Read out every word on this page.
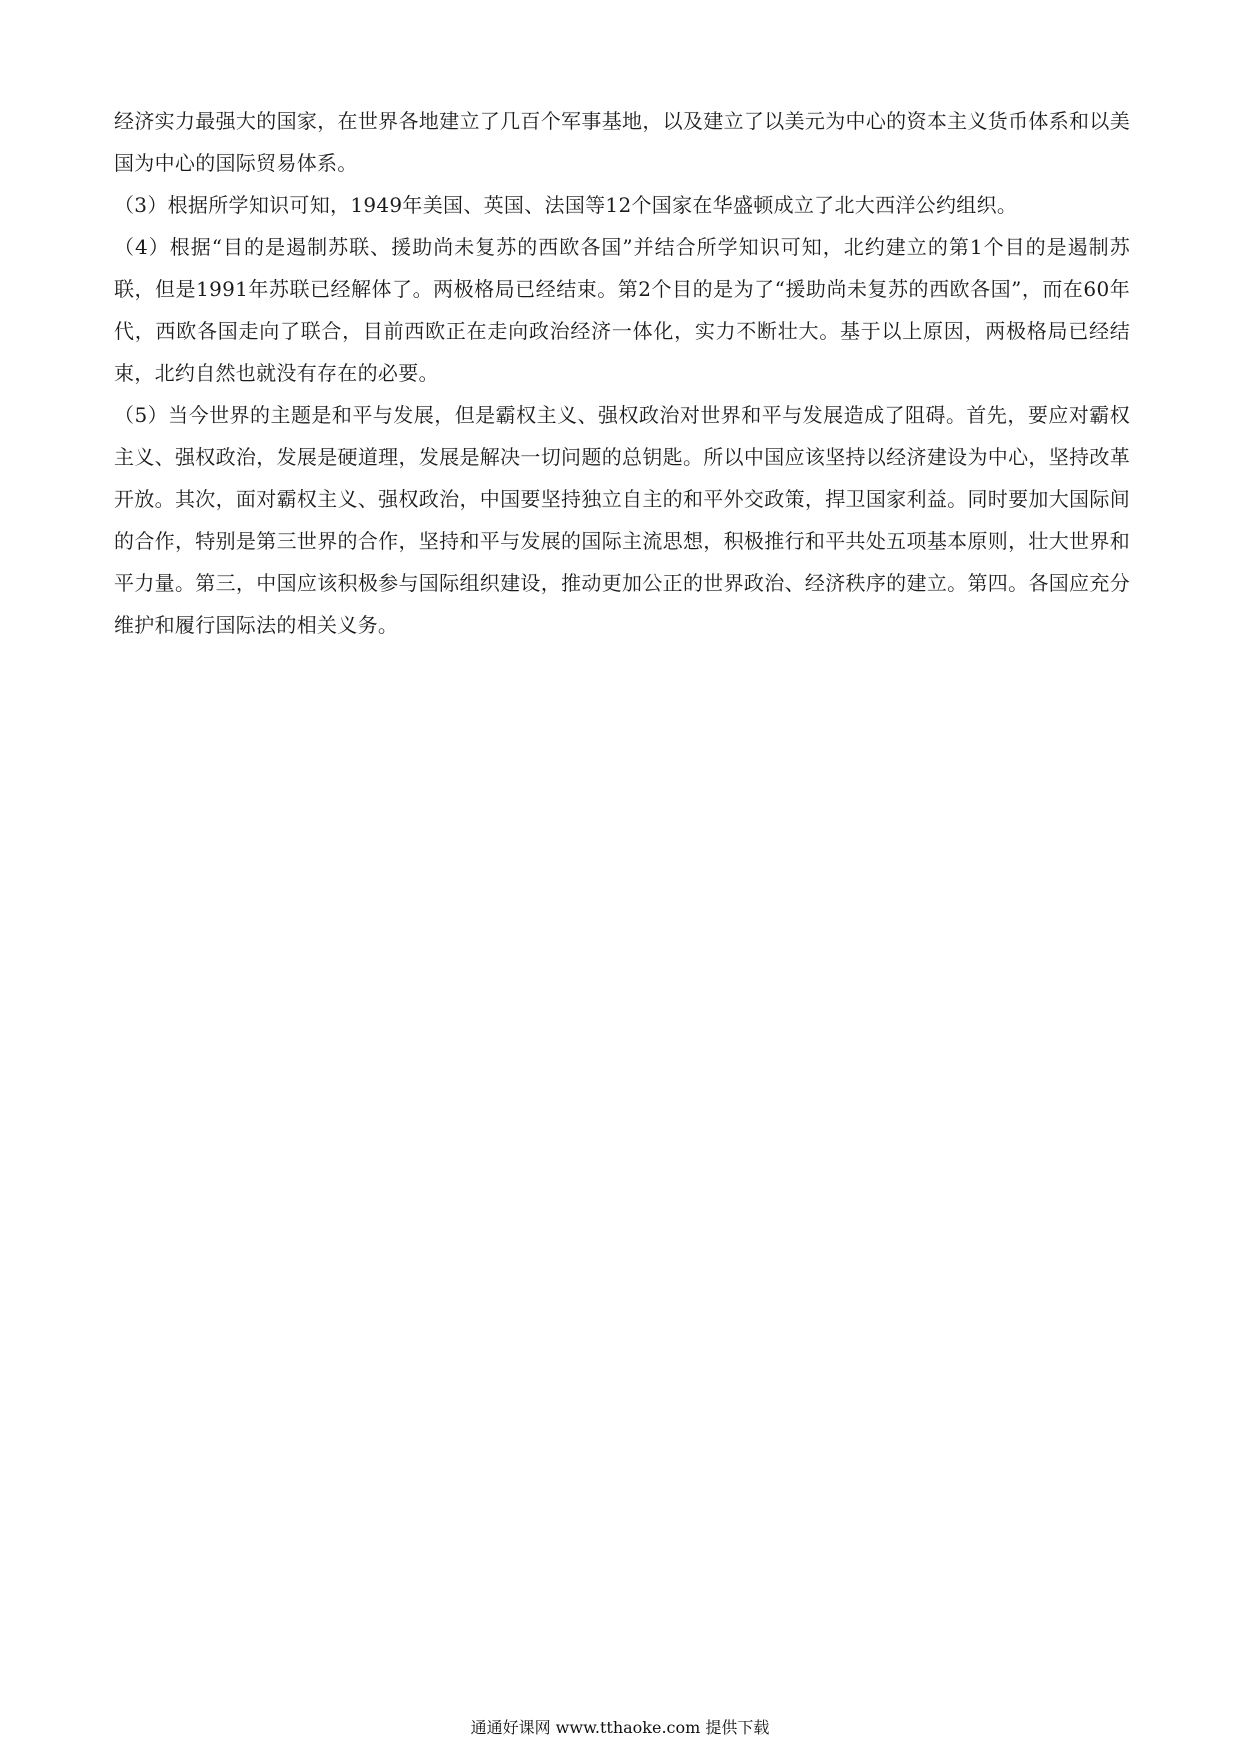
经济实力最强大的国家，在世界各地建立了几百个军事基地，以及建立了以美元为中心的资本主义货币体系和以美国为中心的国际贸易体系。

（3）根据所学知识可知，1949年美国、英国、法国等12个国家在华盛顿成立了北大西洋公约组织。

（4）根据“目的是遏制苏联、援助尚未复苏的西欧各国”并结合所学知识可知，北约建立的第1个目的是遏制苏联，但是1991年苏联已经解体了。两极格局已经结束。第2个目的是为了“援助尚未复苏的西欧各国”，而在60年代，西欧各国走向了联合，目前西欧正在走向政治经济一体化，实力不断壮大。基于以上原因，两极格局已经结束，北约自然也就没有存在的必要。

（5）当今世界的主题是和平与发展，但是霸权主义、强权政治对世界和平与发展造成了阻碍。首先，要应对霸权主义、强权政治，发展是硬道理，发展是解决一切问题的总钥匙。所以中国应该坚持以经济建设为中心，坚持改革开放。其次，面对霸权主义、强权政治，中国要坚持独立自主的和平外交政策，捍卫国家利益。同时要加大国际间的合作，特别是第三世界的合作，坚持和平与发展的国际主流思想，积极推行和平共处五项基本原则，壮大世界和平力量。第三，中国应该积极参与国际组织建设，推动更加公正的世界政治、经济秩序的建立。第四。各国应充分维护和履行国际法的相关义务。

通通好课网 www.tthaoke.com 提供下载
